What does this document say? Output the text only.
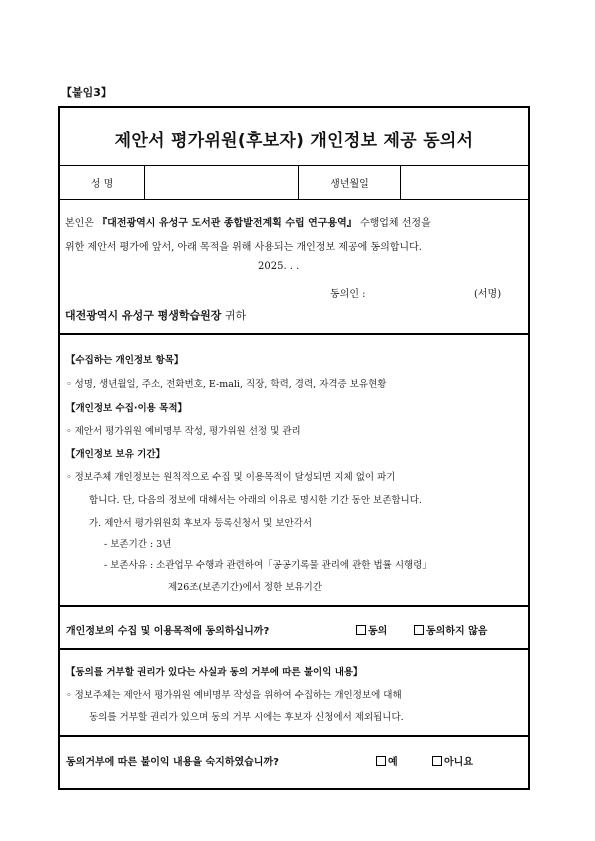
【붙임3】
제안서 평가위원(후보자) 개인정보 제공 동의서
성 명	생년월일
본인은 『대전광역시 유성구 도서관 종합발전계획 수립 연구용역』 수행업체 선정을
위한 제안서 평가에 앞서, 아래 목적을 위해 사용되는 개인정보 제공에 동의합니다.
2025. . .
동의인 :	(서명)
대전광역시 유성구 평생학습원장 귀하
【수집하는 개인정보 항목】
◦ 성명, 생년월일, 주소, 전화번호, E-mali, 직장, 학력, 경력, 자격증 보유현황
【개인정보 수집·이용 목적】
◦ 제안서 평가위원 예비명부 작성, 평가위원 선정 및 관리
【개인정보 보유 기간】
◦ 정보주체 개인정보는 원칙적으로 수집 및 이용목적이 달성되면 지체 없이 파기
합니다. 단, 다음의 정보에 대해서는 아래의 이유로 명시한 기간 동안 보존합니다.
가. 제안서 평가위원회 후보자 등록신청서 및 보안각서
- 보존기간 : 3년
- 보존사유 : 소관업무 수행과 관련하여「공공기록물 관리에 관한 법률 시행령」
제26조(보존기간)에서 정한 보유기간
개인정보의 수집 및 이용목적에 동의하십니까?	동의	동의하지 않음
【동의를 거부할 권리가 있다는 사실과 동의 거부에 따른 불이익 내용】
◦ 정보주체는 제안서 평가위원 예비명부 작성을 위하여 수집하는 개인정보에 대해
동의를 거부할 권리가 있으며 동의 거부 시에는 후보자 신청에서 제외됩니다.
동의거부에 따른 불이익 내용을 숙지하였습니까?	예	아니요
